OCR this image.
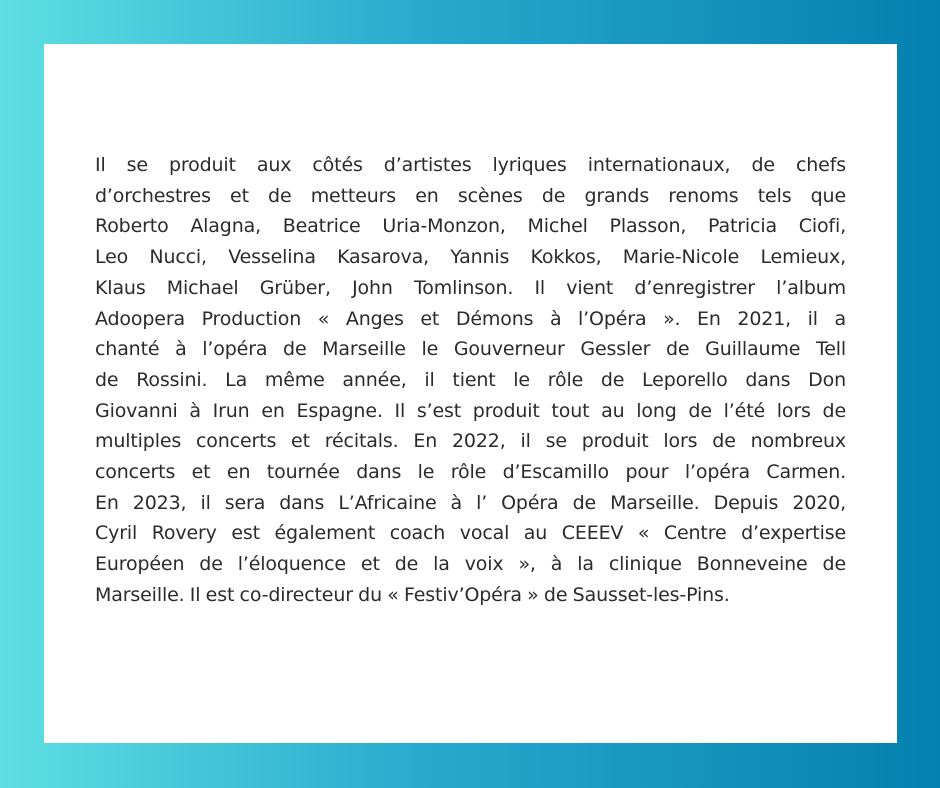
Il se produit aux côtés d’artistes lyriques internationaux, de chefs
d’orchestres et de metteurs en scènes de grands renoms tels que
Roberto Alagna, Beatrice Uria-Monzon, Michel Plasson, Patricia Ciofi,
Leo Nucci, Vesselina Kasarova, Yannis Kokkos, Marie-Nicole Lemieux,
Klaus Michael Grüber, John Tomlinson. Il vient d’enregistrer l’album
Adoopera Production « Anges et Démons à l’Opéra ». En 2021, il a
chanté à l’opéra de Marseille le Gouverneur Gessler de Guillaume Tell
de Rossini. La même année, il tient le rôle de Leporello dans Don
Giovanni à Irun en Espagne. Il s’est produit tout au long de l’été lors de
multiples concerts et récitals. En 2022, il se produit lors de nombreux
concerts et en tournée dans le rôle d’Escamillo pour l’opéra Carmen.
En 2023, il sera dans L’Africaine à l’ Opéra de Marseille. Depuis 2020,
Cyril Rovery est également coach vocal au CEEEV « Centre d’expertise
Européen de l’éloquence et de la voix », à la clinique Bonneveine de
Marseille. Il est co-directeur du « Festiv’Opéra » de Sausset-les-Pins.
